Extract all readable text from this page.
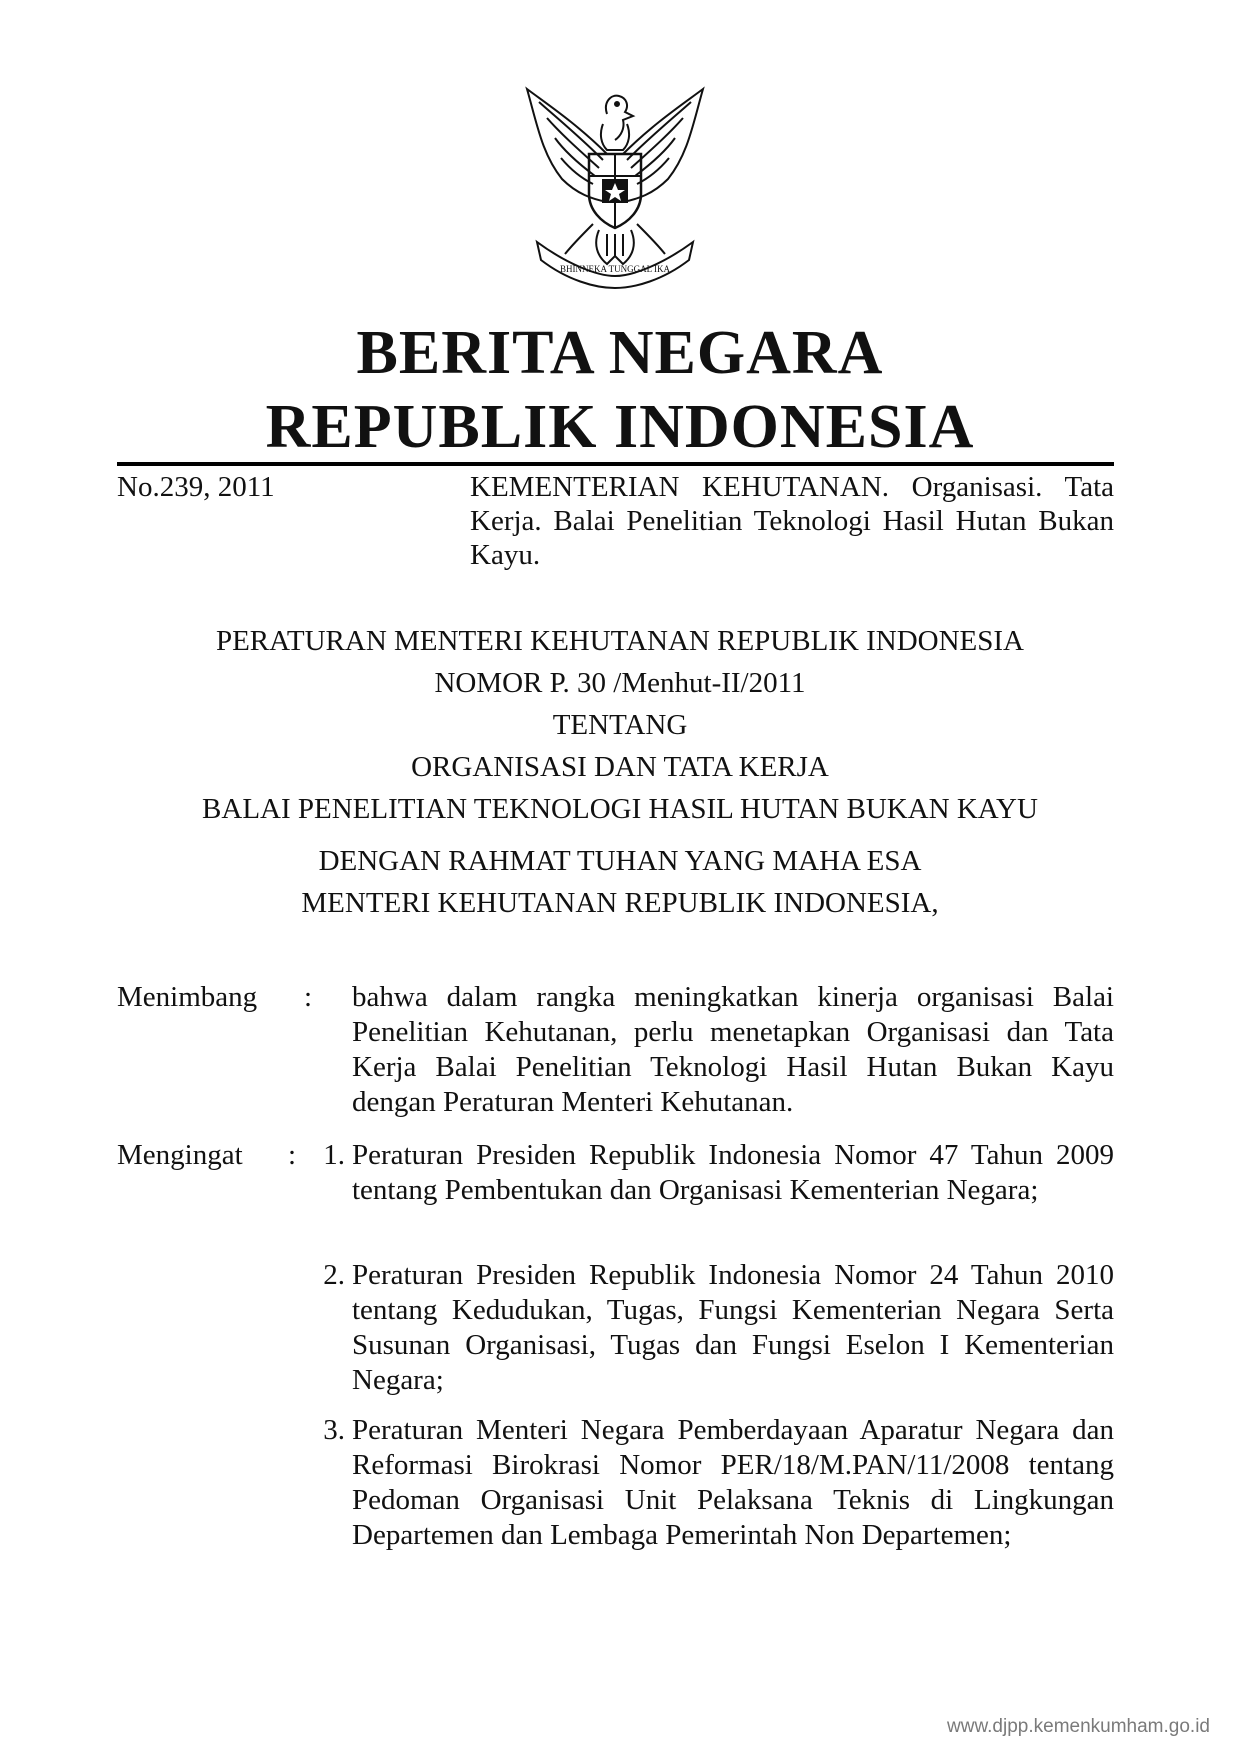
BHINNEKA TUNGGAL IKA
BERITA NEGARA
REPUBLIK INDONESIA
No.239, 2011	KEMENTERIAN KEHUTANAN. Organisasi. Tata Kerja. Balai Penelitian Teknologi Hasil Hutan Bukan Kayu.
PERATURAN MENTERI KEHUTANAN REPUBLIK INDONESIA
NOMOR P. 30 /Menhut-II/2011
TENTANG
ORGANISASI DAN TATA KERJA
BALAI PENELITIAN TEKNOLOGI HASIL HUTAN BUKAN KAYU
DENGAN RAHMAT TUHAN YANG MAHA ESA
MENTERI KEHUTANAN REPUBLIK INDONESIA,
Menimbang : bahwa dalam rangka meningkatkan kinerja organisasi Balai Penelitian Kehutanan, perlu menetapkan Organisasi dan Tata Kerja Balai Penelitian Teknologi Hasil Hutan Bukan Kayu dengan Peraturan Menteri Kehutanan.
Mengingat : 1. Peraturan Presiden Republik Indonesia Nomor 47 Tahun 2009 tentang Pembentukan dan Organisasi Kementerian Negara;
2. Peraturan Presiden Republik Indonesia Nomor 24 Tahun 2010 tentang Kedudukan, Tugas, Fungsi Kementerian Negara Serta Susunan Organisasi, Tugas dan Fungsi Eselon I Kementerian Negara;
3. Peraturan Menteri Negara Pemberdayaan Aparatur Negara dan Reformasi Birokrasi Nomor PER/18/M.PAN/11/2008 tentang Pedoman Organisasi Unit Pelaksana Teknis di Lingkungan Departemen dan Lembaga Pemerintah Non Departemen;
www.djpp.kemenkumham.go.id
